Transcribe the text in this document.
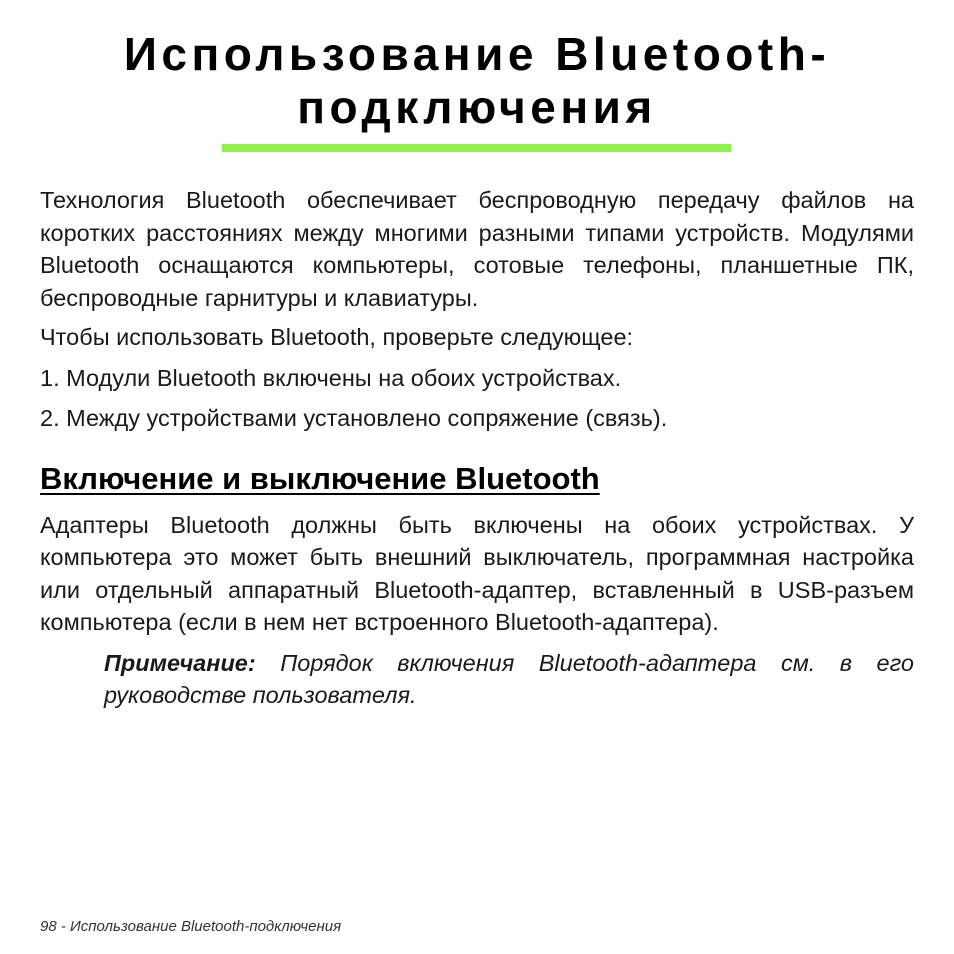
Использование Bluetooth-подключения

Технология Bluetooth обеспечивает беспроводную передачу файлов на коротких расстояниях между многими разными типами устройств. Модулями Bluetooth оснащаются компьютеры, сотовые телефоны, планшетные ПК, беспроводные гарнитуры и клавиатуры.

Чтобы использовать Bluetooth, проверьте следующее:

1. Модули Bluetooth включены на обоих устройствах.

2. Между устройствами установлено сопряжение (связь).

Включение и выключение Bluetooth

Адаптеры Bluetooth должны быть включены на обоих устройствах. У компьютера это может быть внешний выключатель, программная настройка или отдельный аппаратный Bluetooth-адаптер, вставленный в USB-разъем компьютера (если в нем нет встроенного Bluetooth-адаптера).

Примечание: Порядок включения Bluetooth-адаптера см. в его руководстве пользователя.

98 - Использование Bluetooth-подключения
